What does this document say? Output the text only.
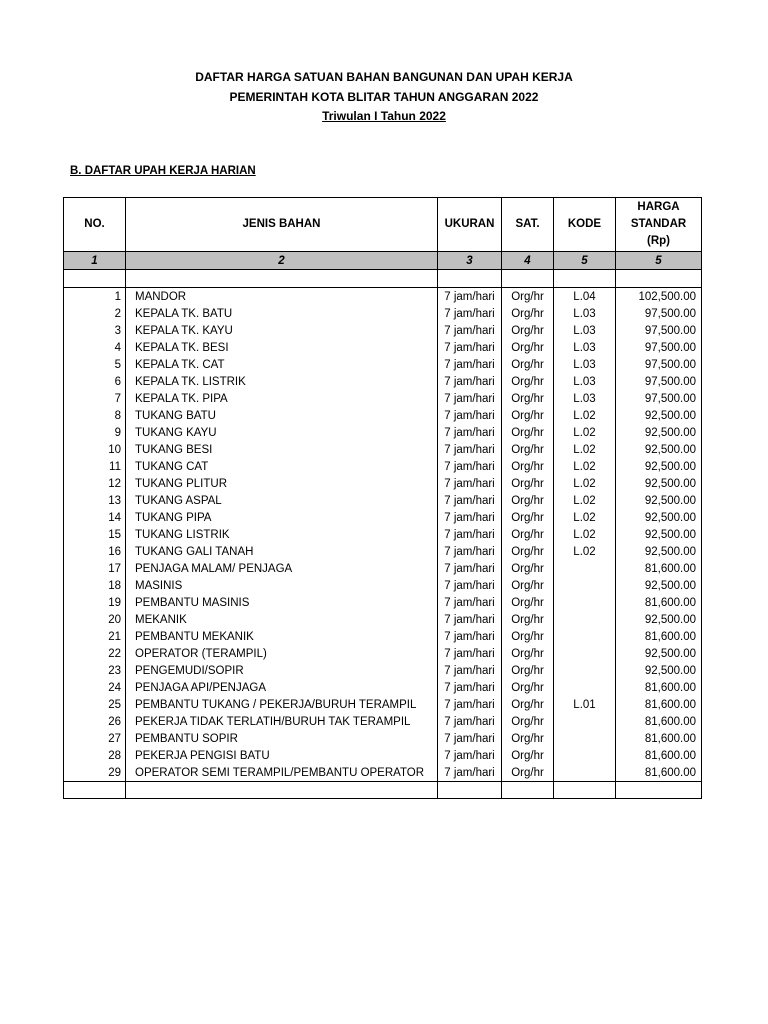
DAFTAR HARGA SATUAN BAHAN BANGUNAN DAN UPAH KERJA
PEMERINTAH KOTA BLITAR TAHUN ANGGARAN 2022
Triwulan I Tahun 2022
B. DAFTAR UPAH KERJA HARIAN
NO.	JENIS BAHAN	UKURAN	SAT.	KODE	HARGA
STANDAR
(Rp)

1	2	3	4	5	5

1	MANDOR	7 jam/hari	Org/hr	L.04	102,500.00
2	KEPALA TK. BATU	7 jam/hari	Org/hr	L.03	97,500.00
3	KEPALA TK. KAYU	7 jam/hari	Org/hr	L.03	97,500.00
4	KEPALA TK. BESI	7 jam/hari	Org/hr	L.03	97,500.00
5	KEPALA TK. CAT	7 jam/hari	Org/hr	L.03	97,500.00
6	KEPALA TK. LISTRIK	7 jam/hari	Org/hr	L.03	97,500.00
7	KEPALA TK. PIPA	7 jam/hari	Org/hr	L.03	97,500.00
8	TUKANG BATU	7 jam/hari	Org/hr	L.02	92,500.00
9	TUKANG KAYU	7 jam/hari	Org/hr	L.02	92,500.00
10	TUKANG BESI	7 jam/hari	Org/hr	L.02	92,500.00
11	TUKANG CAT	7 jam/hari	Org/hr	L.02	92,500.00
12	TUKANG PLITUR	7 jam/hari	Org/hr	L.02	92,500.00
13	TUKANG ASPAL	7 jam/hari	Org/hr	L.02	92,500.00
14	TUKANG PIPA	7 jam/hari	Org/hr	L.02	92,500.00
15	TUKANG LISTRIK	7 jam/hari	Org/hr	L.02	92,500.00
16	TUKANG GALI TANAH	7 jam/hari	Org/hr	L.02	92,500.00
17	PENJAGA MALAM/ PENJAGA	7 jam/hari	Org/hr		81,600.00
18	MASINIS	7 jam/hari	Org/hr		92,500.00
19	PEMBANTU MASINIS	7 jam/hari	Org/hr		81,600.00
20	MEKANIK	7 jam/hari	Org/hr		92,500.00
21	PEMBANTU MEKANIK	7 jam/hari	Org/hr		81,600.00
22	OPERATOR (TERAMPIL)	7 jam/hari	Org/hr		92,500.00
23	PENGEMUDI/SOPIR	7 jam/hari	Org/hr		92,500.00
24	PENJAGA API/PENJAGA	7 jam/hari	Org/hr		81,600.00
25	PEMBANTU TUKANG / PEKERJA/BURUH TERAMPIL	7 jam/hari	Org/hr	L.01	81,600.00
26	PEKERJA TIDAK TERLATIH/BURUH TAK TERAMPIL	7 jam/hari	Org/hr		81,600.00
27	PEMBANTU SOPIR	7 jam/hari	Org/hr		81,600.00
28	PEKERJA PENGISI BATU	7 jam/hari	Org/hr		81,600.00
29	OPERATOR SEMI TERAMPIL/PEMBANTU OPERATOR	7 jam/hari	Org/hr		81,600.00
